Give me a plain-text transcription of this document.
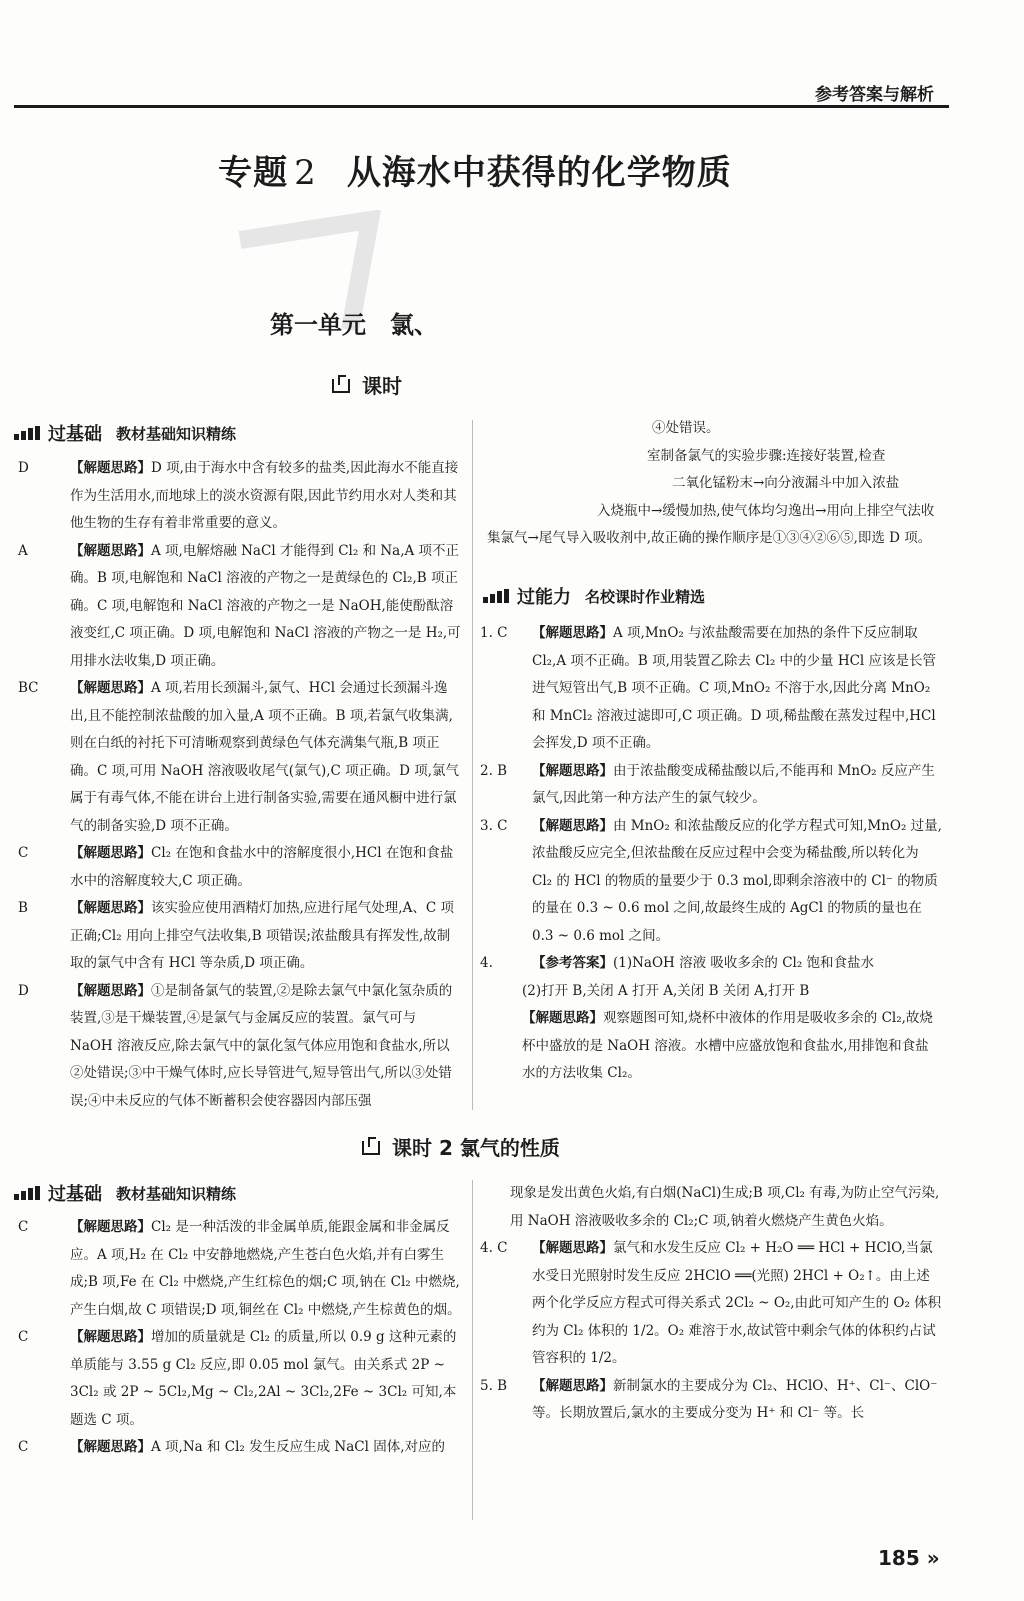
参考答案与解析
专题 2 从海水中获得的化学物质
第一单元 氯、
课时
过基础 教材基础知识精练
D	【解题思路】D 项,由于海水中含有较多的盐类,因此海水不能直接作为生活用水,而地球上的淡水资源有限,因此节约用水对人类和其他生物的生存有着非常重要的意义。
A	【解题思路】A 项,电解熔融 NaCl 才能得到 Cl₂ 和 Na,A 项不正确。B 项,电解饱和 NaCl 溶液的产物之一是黄绿色的 Cl₂,B 项正确。C 项,电解饱和 NaCl 溶液的产物之一是 NaOH,能使酚酞溶液变红,C 项正确。D 项,电解饱和 NaCl 溶液的产物之一是 H₂,可用排水法收集,D 项正确。
BC 【解题思路】A 项,若用长颈漏斗,氯气、HCl 会通过长颈漏斗逸出,且不能控制浓盐酸的加入量,A 项不正确。B 项,若氯气收集满,则在白纸的衬托下可清晰观察到黄绿色气体充满集气瓶,B 项正确。C 项,可用 NaOH 溶液吸收尾气(氯气),C 项正确。D 项,氯气属于有毒气体,不能在讲台上进行制备实验,需要在通风橱中进行氯气的制备实验,D 项不正确。
C	【解题思路】Cl₂ 在饱和食盐水中的溶解度很小,HCl 在饱和食盐水中的溶解度较大,C 项正确。
B	【解题思路】该实验应使用酒精灯加热,应进行尾气处理,A、C 项正确;Cl₂ 用向上排空气法收集,B 项错误;浓盐酸具有挥发性,故制取的氯气中含有 HCl 等杂质,D 项正确。
D	【解题思路】①是制备氯气的装置,②是除去氯气中氯化氢杂质的装置,③是干燥装置,④是氯气与金属反应的装置。氯气可与 NaOH 溶液反应,除去氯气中的氯化氢气体应用饱和食盐水,所以②处错误;③中干燥气体时,应长导管进气,短导管出气,所以③处错误;④中未反应的气体不断蓄积会使容器因内部压强
④处错误。
室制备氯气的实验步骤:连接好装置,检查
二氧化锰粉末→向分液漏斗中加入浓盐
入烧瓶中→缓慢加热,使气体均匀逸出→用向上排空气法收集氯气→尾气导入吸收剂中,故正确的操作顺序是①③④②⑥⑤,即选 D 项。
过能力 名校课时作业精选
1. C 【解题思路】A 项,MnO₂ 与浓盐酸需要在加热的条件下反应制取 Cl₂,A 项不正确。B 项,用装置乙除去 Cl₂ 中的少量 HCl 应该是长管进气短管出气,B 项不正确。C 项,MnO₂ 不溶于水,因此分离 MnO₂ 和 MnCl₂ 溶液过滤即可,C 项正确。D 项,稀盐酸在蒸发过程中,HCl 会挥发,D 项不正确。
2. B 【解题思路】由于浓盐酸变成稀盐酸以后,不能再和 MnO₂ 反应产生氯气,因此第一种方法产生的氯气较少。
3. C 【解题思路】由 MnO₂ 和浓盐酸反应的化学方程式可知,MnO₂ 过量,浓盐酸反应完全,但浓盐酸在反应过程中会变为稀盐酸,所以转化为 Cl₂ 的 HCl 的物质的量要少于 0.3 mol,即剩余溶液中的 Cl⁻ 的物质的量在 0.3 ~ 0.6 mol 之间,故最终生成的 AgCl 的物质的量也在 0.3 ~ 0.6 mol 之间。
4.	【参考答案】(1)NaOH 溶液 吸收多余的 Cl₂ 饱和食盐水
(2)打开 B,关闭 A 打开 A,关闭 B 关闭 A,打开 B
【解题思路】观察题图可知,烧杯中液体的作用是吸收多余的 Cl₂,故烧杯中盛放的是 NaOH 溶液。水槽中应盛放饱和食盐水,用排饱和食盐水的方法收集 Cl₂。
课时 2 氯气的性质
过基础 教材基础知识精练
C	【解题思路】Cl₂ 是一种活泼的非金属单质,能跟金属和非金属反应。A 项,H₂ 在 Cl₂ 中安静地燃烧,产生苍白色火焰,并有白雾生成;B 项,Fe 在 Cl₂ 中燃烧,产生红棕色的烟;C 项,钠在 Cl₂ 中燃烧,产生白烟,故 C 项错误;D 项,铜丝在 Cl₂ 中燃烧,产生棕黄色的烟。
C	【解题思路】增加的质量就是 Cl₂ 的质量,所以 0.9 g 这种元素的单质能与 3.55 g Cl₂ 反应,即 0.05 mol 氯气。由关系式 2P ~ 3Cl₂ 或 2P ~ 5Cl₂,Mg ~ Cl₂,2Al ~ 3Cl₂,2Fe ~ 3Cl₂ 可知,本题选 C 项。
C	【解题思路】A 项,Na 和 Cl₂ 发生反应生成 NaCl 固体,对应的
现象是发出黄色火焰,有白烟(NaCl)生成;B 项,Cl₂ 有毒,为防止空气污染,用 NaOH 溶液吸收多余的 Cl₂;C 项,钠着火燃烧产生黄色火焰。
4. C 【解题思路】氯气和水发生反应 Cl₂ + H₂O ══ HCl + HClO,当氯水受日光照射时发生反应 2HClO ══(光照) 2HCl + O₂↑。由上述两个化学反应方程式可得关系式 2Cl₂ ~ O₂,由此可知产生的 O₂ 体积约为 Cl₂ 体积的 1/2。O₂ 难溶于水,故试管中剩余气体的体积约占试管容积的 1/2。
5. B 【解题思路】新制氯水的主要成分为 Cl₂、HClO、H⁺、Cl⁻、ClO⁻ 等。长期放置后,氯水的主要成分变为 H⁺ 和 Cl⁻ 等。长
185 »
